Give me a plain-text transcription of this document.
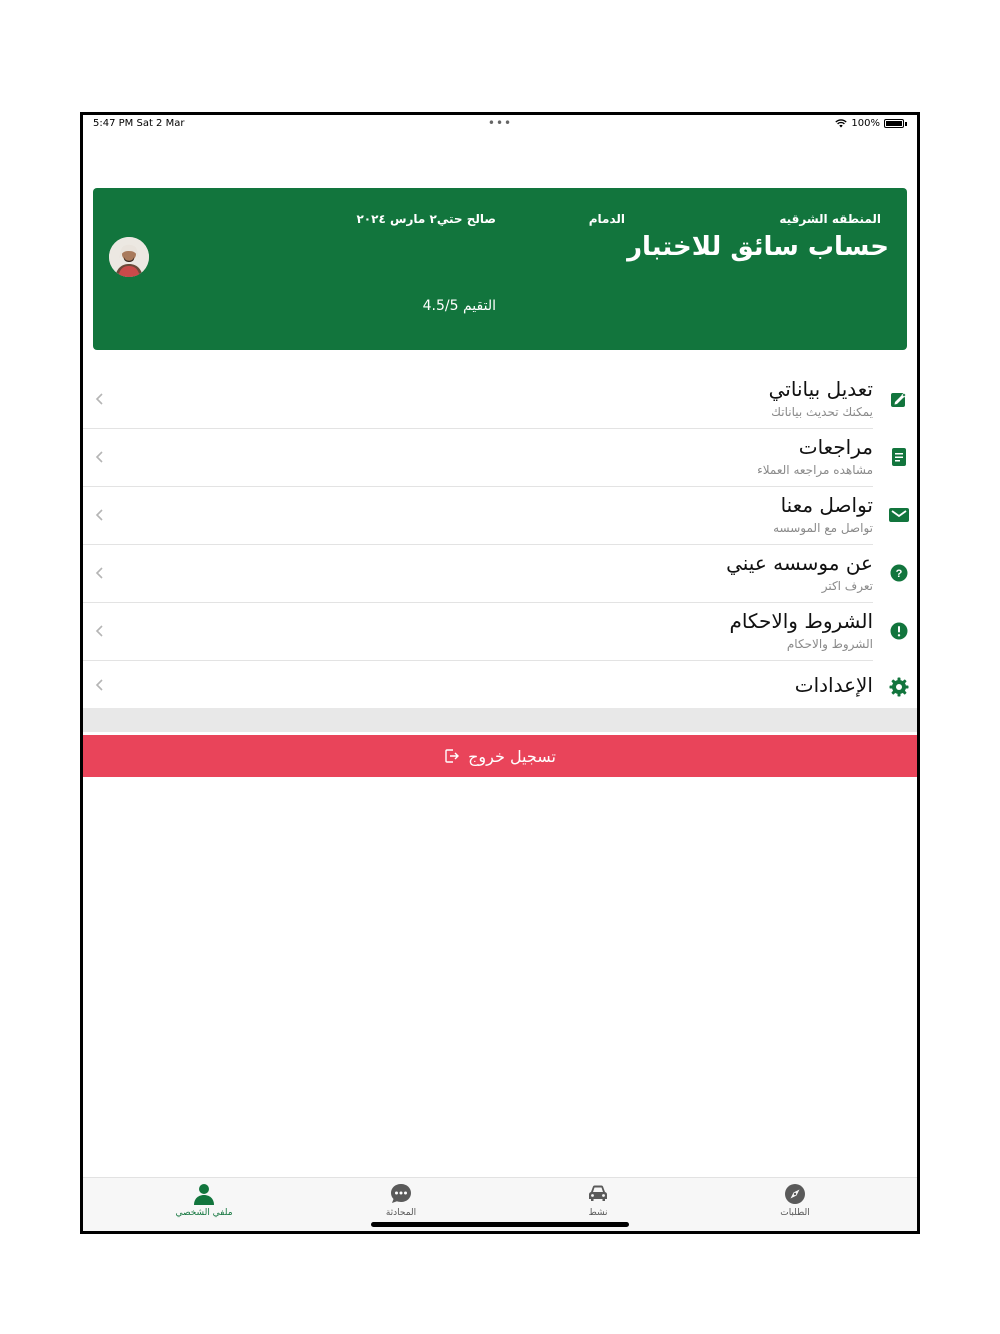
5:47 PM Sat 2 Mar	•••	100%
المنطقه الشرقيه
الدمام
صالح حتي٢ مارس ٢٠٢٤
حساب سائق للاختبار
التقيم 4.5/5
تعديل بياناتي
يمكنك تحديث بياناتك
مراجعات
مشاهده مراجعه العملاء
تواصل معنا
تواصل مع الموسسه
?
عن موسسه عيني
تعرف اكتر
الشروط والاحكام
الشروط والاحكام
الإعدادات
تسجيل خروج
ملفي الشخصي	المحادثة	نشط	الطلبات
